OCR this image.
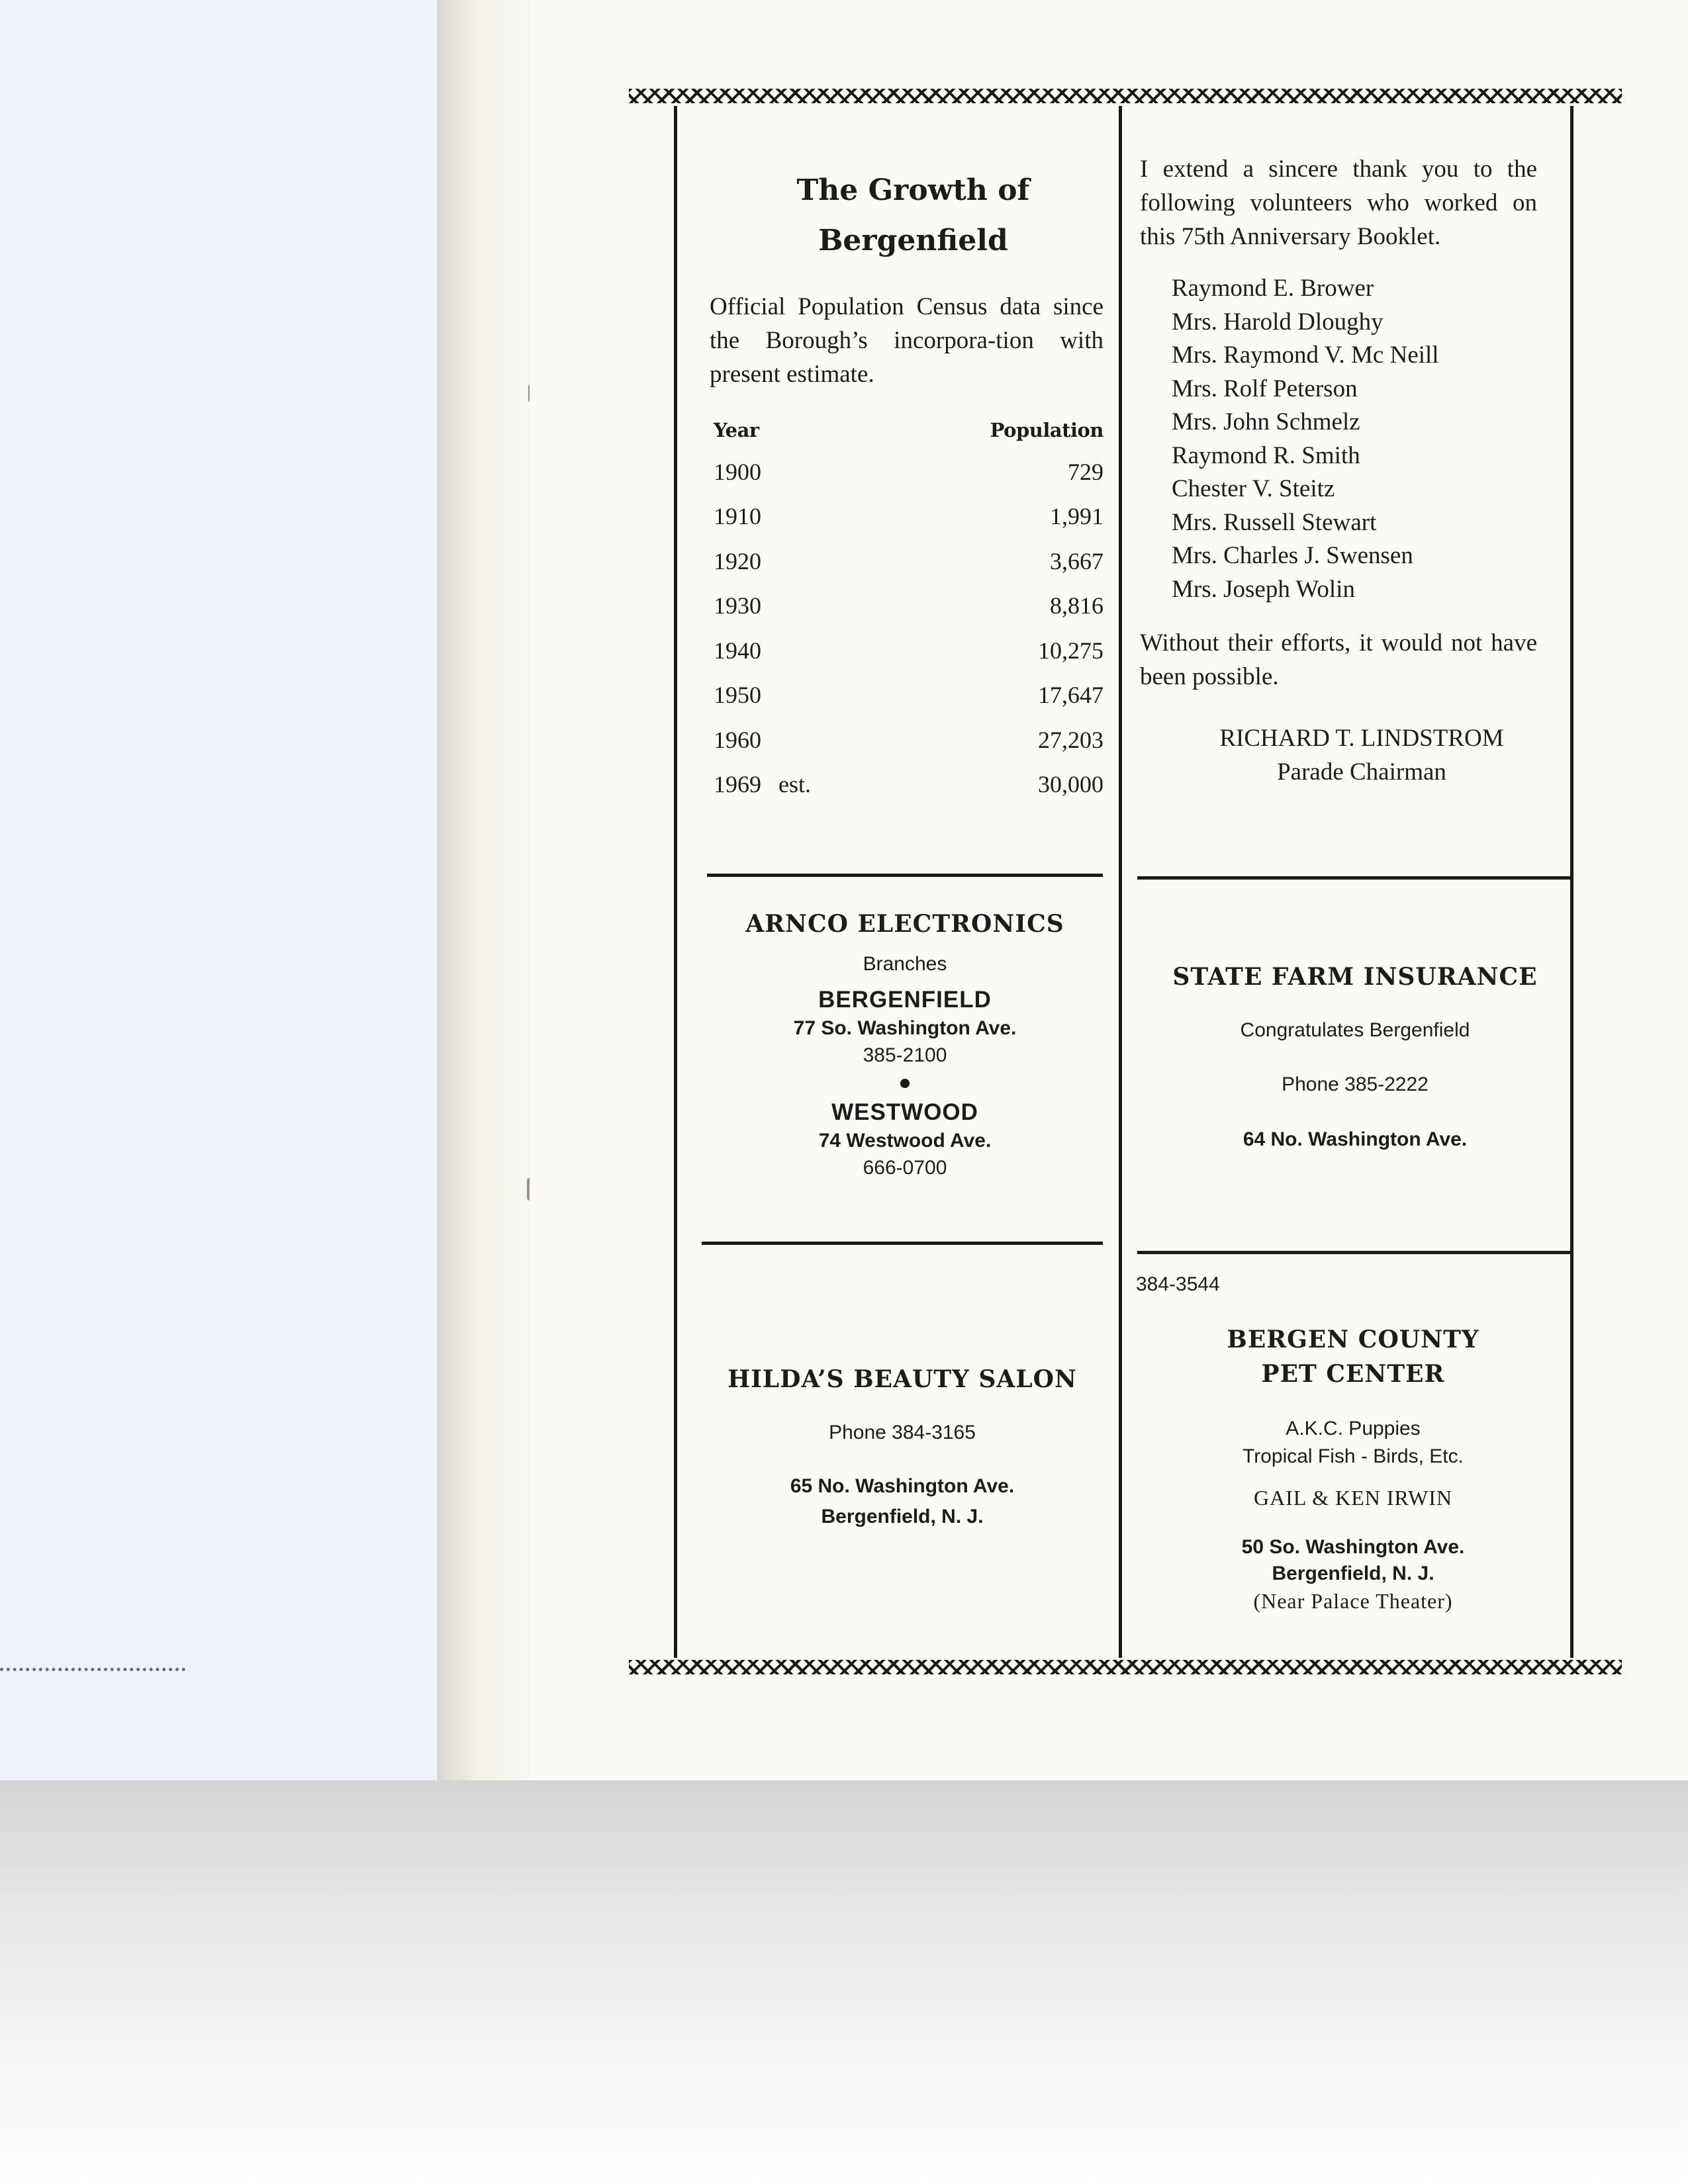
The Growth of
Bergenfield
Official Population Census data since the Borough’s incorpora-tion with present estimate.
Year	Population
1900	729
1910	1,991
1920	3,667
1930	8,816
1940	10,275
1950	17,647
1960	27,203
1969 est.	30,000

I extend a sincere thank you to the following volunteers who worked on this 75th Anniversary Booklet.

Raymond E. Brower
Mrs. Harold Dloughy
Mrs. Raymond V. Mc Neill
Mrs. Rolf Peterson
Mrs. John Schmelz
Raymond R. Smith
Chester V. Steitz
Mrs. Russell Stewart
Mrs. Charles J. Swensen
Mrs. Joseph Wolin
Without their efforts, it would not have been possible.
RICHARD T. LINDSTROM
Parade Chairman
ARNCO ELECTRONICS
Branches
BERGENFIELD
77 So. Washington Ave.
385-2100
WESTWOOD
74 Westwood Ave.
666-0700
STATE FARM INSURANCE
Congratulates Bergenfield
Phone 385-2222
64 No. Washington Ave.
HILDA’S BEAUTY SALON
Phone 384-3165
65 No. Washington Ave.
Bergenfield, N. J.
384-3544
BERGEN COUNTY
PET CENTER
A.K.C. Puppies
Tropical Fish - Birds, Etc.
GAIL & KEN IRWIN
50 So. Washington Ave.
Bergenfield, N. J.
(Near Palace Theater)
